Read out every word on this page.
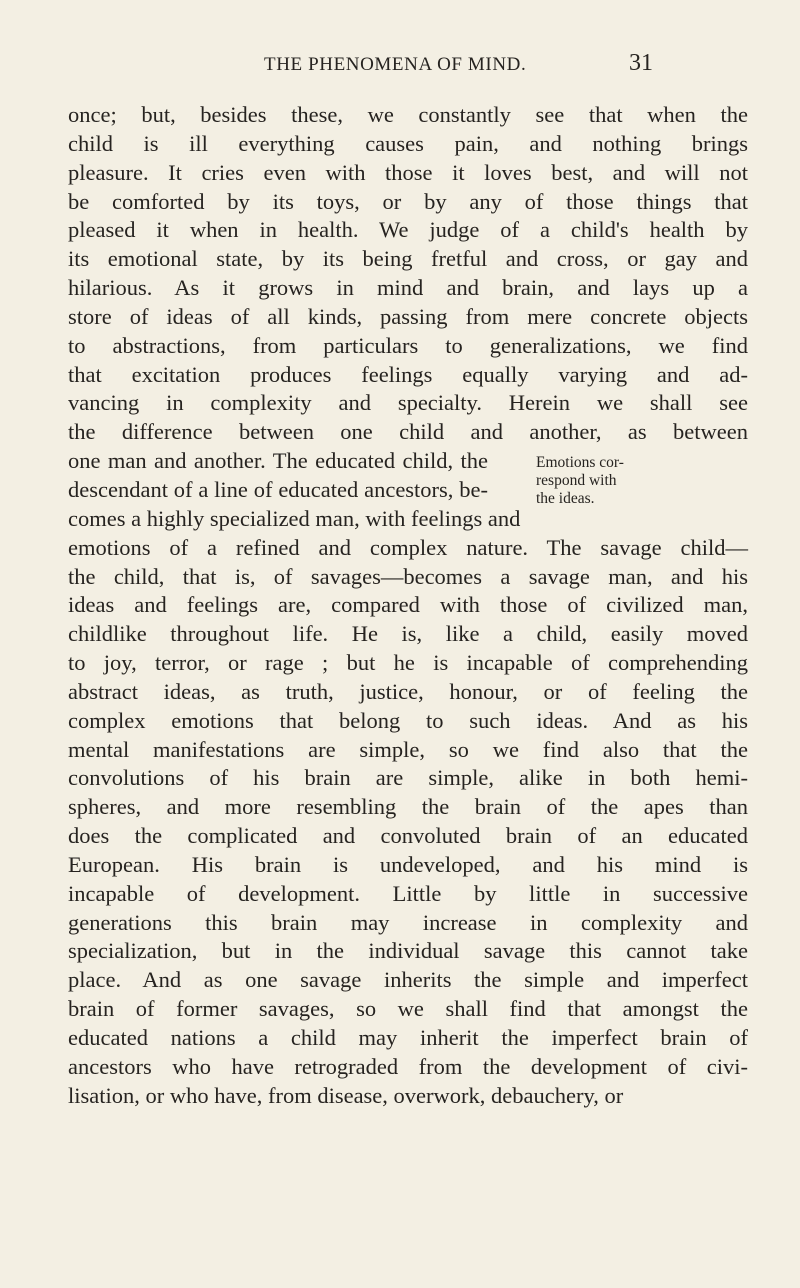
THE PHENOMENA OF MIND.	31
once; but, besides these, we constantly see that when the
child is ill everything causes pain, and nothing brings
pleasure. It cries even with those it loves best, and will not
be comforted by its toys, or by any of those things that
pleased it when in health. We judge of a child's health by
its emotional state, by its being fretful and cross, or gay and
hilarious. As it grows in mind and brain, and lays up a
store of ideas of all kinds, passing from mere concrete objects
to abstractions, from particulars to generalizations, we find
that excitation produces feelings equally varying and ad-
vancing in complexity and specialty. Herein we shall see
the difference between one child and another, as between
one man and another. The educated child, the
descendant of a line of educated ancestors, be-
comes a highly specialized man, with feelings and
emotions of a refined and complex nature. The savage child—
the child, that is, of savages—becomes a savage man, and his
ideas and feelings are, compared with those of civilized man,
childlike throughout life. He is, like a child, easily moved
to joy, terror, or rage ; but he is incapable of comprehending
abstract ideas, as truth, justice, honour, or of feeling the
complex emotions that belong to such ideas. And as his
mental manifestations are simple, so we find also that the
convolutions of his brain are simple, alike in both hemi-
spheres, and more resembling the brain of the apes than
does the complicated and convoluted brain of an educated
European. His brain is undeveloped, and his mind is
incapable of development. Little by little in successive
generations this brain may increase in complexity and
specialization, but in the individual savage this cannot take
place. And as one savage inherits the simple and imperfect
brain of former savages, so we shall find that amongst the
educated nations a child may inherit the imperfect brain of
ancestors who have retrograded from the development of civi-
lisation, or who have, from disease, overwork, debauchery, or
Emotions cor-
respond with
the ideas.
